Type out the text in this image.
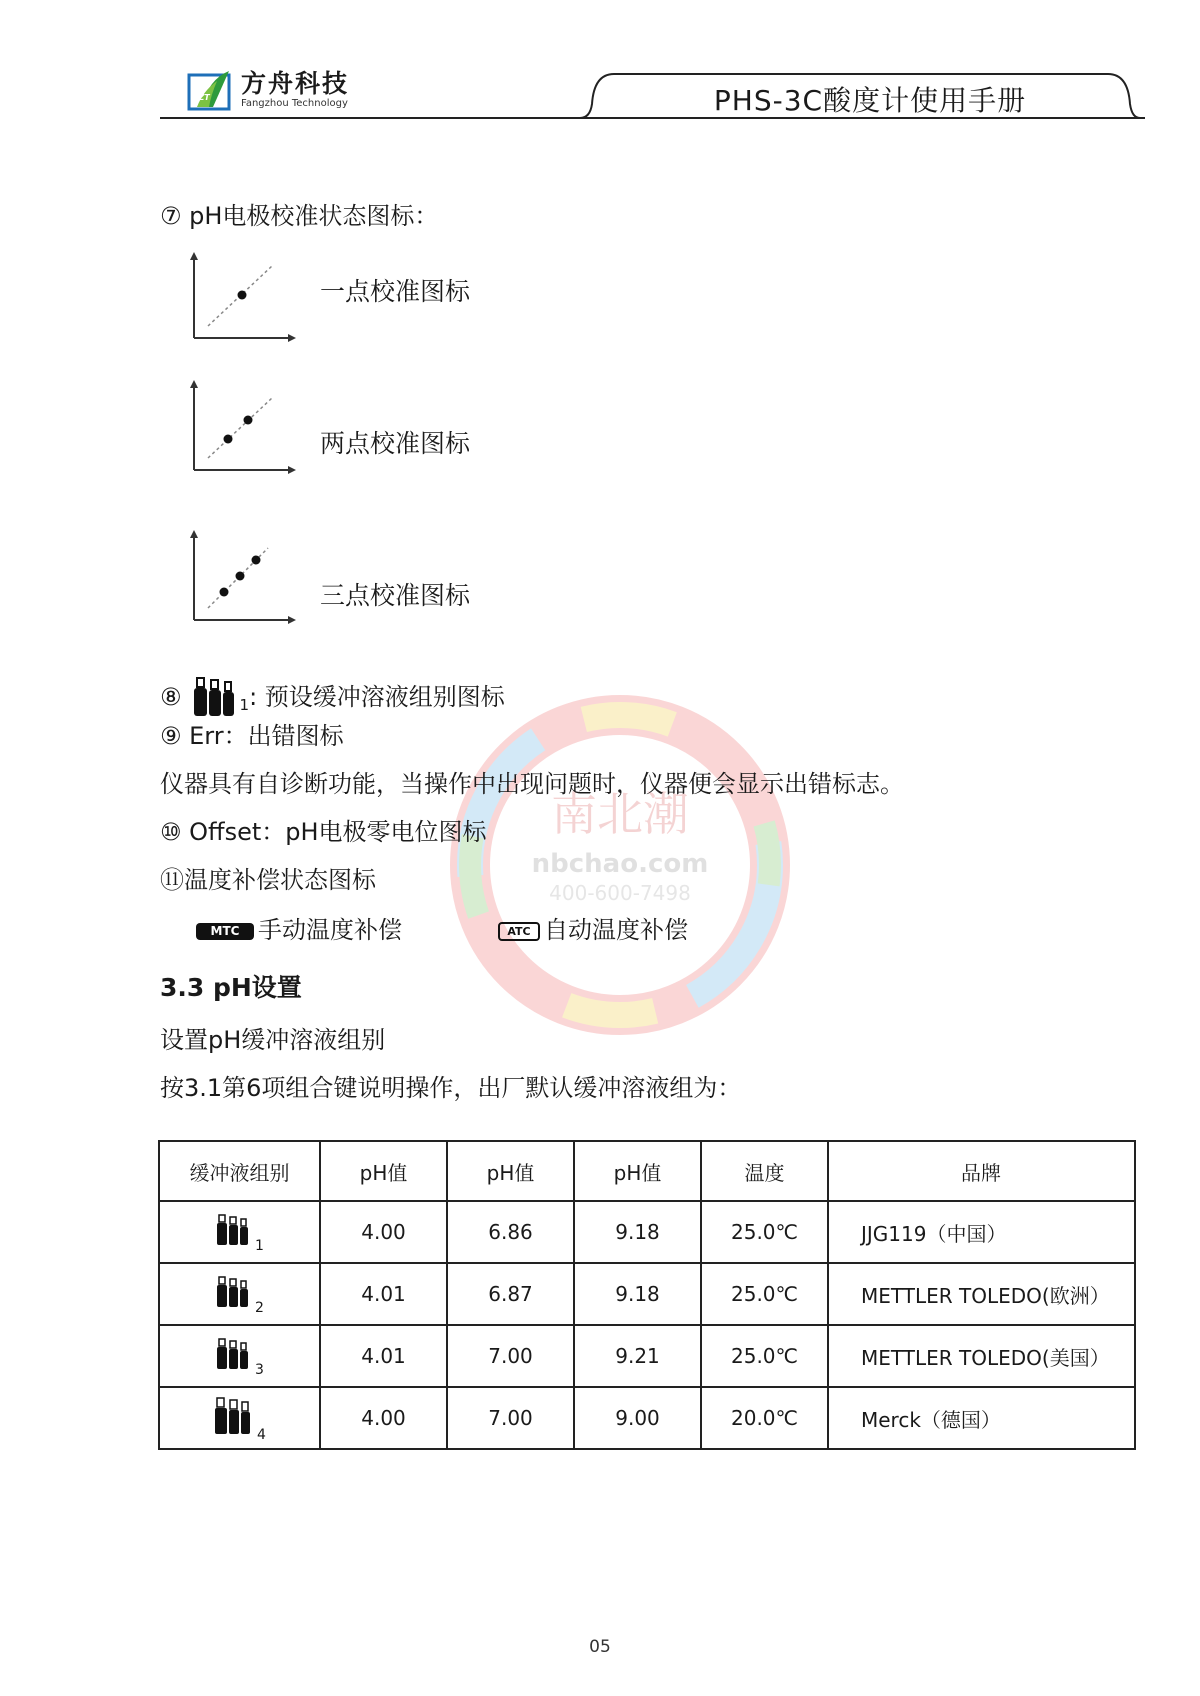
FZT 方舟科技
Fangzhou Technology	PHS-3C酸度计使用手册
南北潮
nbchao.com
400-600-7498
⑦ pH电极校准状态图标：
一点校准图标
两点校准图标
三点校准图标
⑧	1 : 预设缓冲溶液组别图标
⑨ Err：出错图标
仪器具有自诊断功能，当操作中出现问题时，仪器便会显示出错标志。
⑩ Offset：pH电极零电位图标
⑪温度补偿状态图标
MTC 手动温度补偿	ATC 自动温度补偿
3.3 pH设置
设置pH缓冲溶液组别
按3.1第6项组合键说明操作，出厂默认缓冲溶液组为：
缓冲液组别	pH值	pH值	pH值	温度	品牌

1	4.00	6.86	9.18	25.0℃	JJG119（中国）

2	4.01	6.87	9.18	25.0℃	METTLER TOLEDO(欧洲）

3	4.01	7.00	9.21	25.0℃	METTLER TOLEDO(美国）

4	4.00	7.00	9.00	20.0℃	Merck（德国）
05
